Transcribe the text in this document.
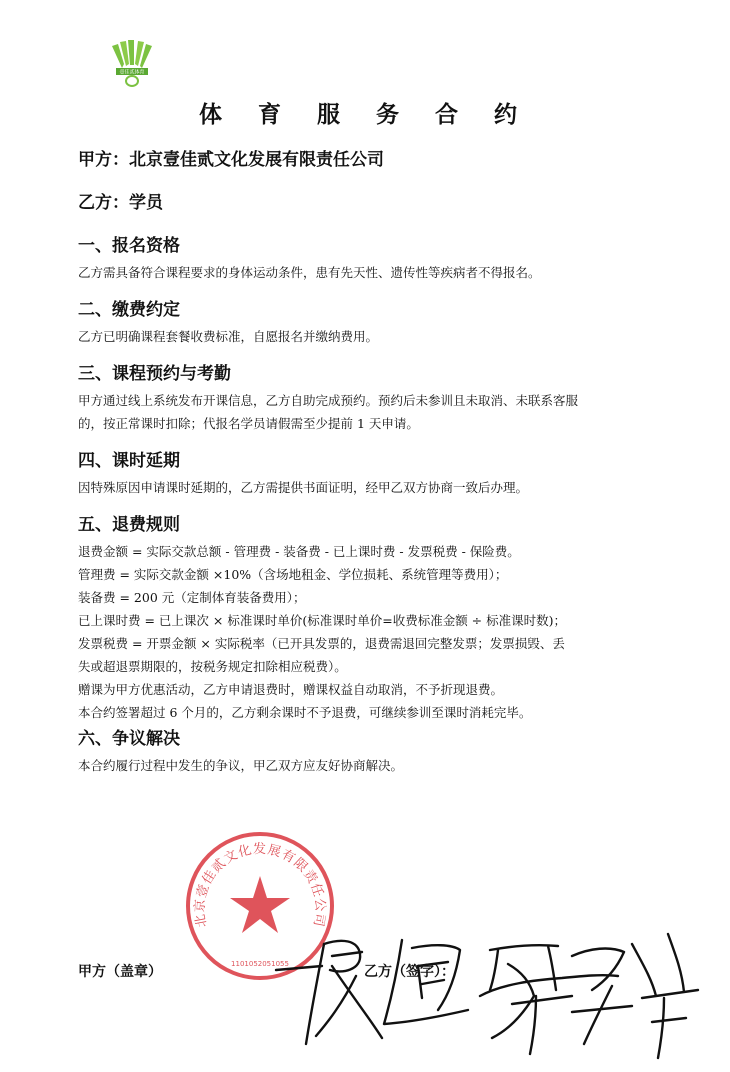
壹佳贰体育
体 育 服 务 合 约
甲方：北京壹佳贰文化发展有限责任公司
乙方：学员
一、报名资格

乙方需具备符合课程要求的身体运动条件，患有先天性、遗传性等疾病者不得报名。

二、缴费约定

乙方已明确课程套餐收费标准，自愿报名并缴纳费用。

三、课程预约与考勤

甲方通过线上系统发布开课信息，乙方自助完成预约。预约后未参训且未取消、未联系客服
的，按正常课时扣除；代报名学员请假需至少提前 1 天申请。

四、课时延期

因特殊原因申请课时延期的，乙方需提供书面证明，经甲乙双方协商一致后办理。

五、退费规则

退费金额 = 实际交款总额 - 管理费 - 装备费 - 已上课时费 - 发票税费 - 保险费。
管理费 = 实际交款金额 ×10%（含场地租金、学位损耗、系统管理等费用）；
装备费 = 200 元（定制体育装备费用）；
已上课时费 = 已上课次 × 标准课时单价(标准课时单价=收费标准金额 ÷ 标准课时数)；
发票税费 = 开票金额 × 实际税率（已开具发票的，退费需退回完整发票；发票损毁、丢
失或超退票期限的，按税务规定扣除相应税费）。
赠课为甲方优惠活动，乙方申请退费时，赠课权益自动取消，不予折现退费。
本合约签署超过 6 个月的，乙方剩余课时不予退费，可继续参训至课时消耗完毕。

六、争议解决

本合约履行过程中发生的争议，甲乙双方应友好协商解决。

北京壹佳贰文化发展有限责任公司
1101052051055
甲方（盖章）	乙方（签字）：
